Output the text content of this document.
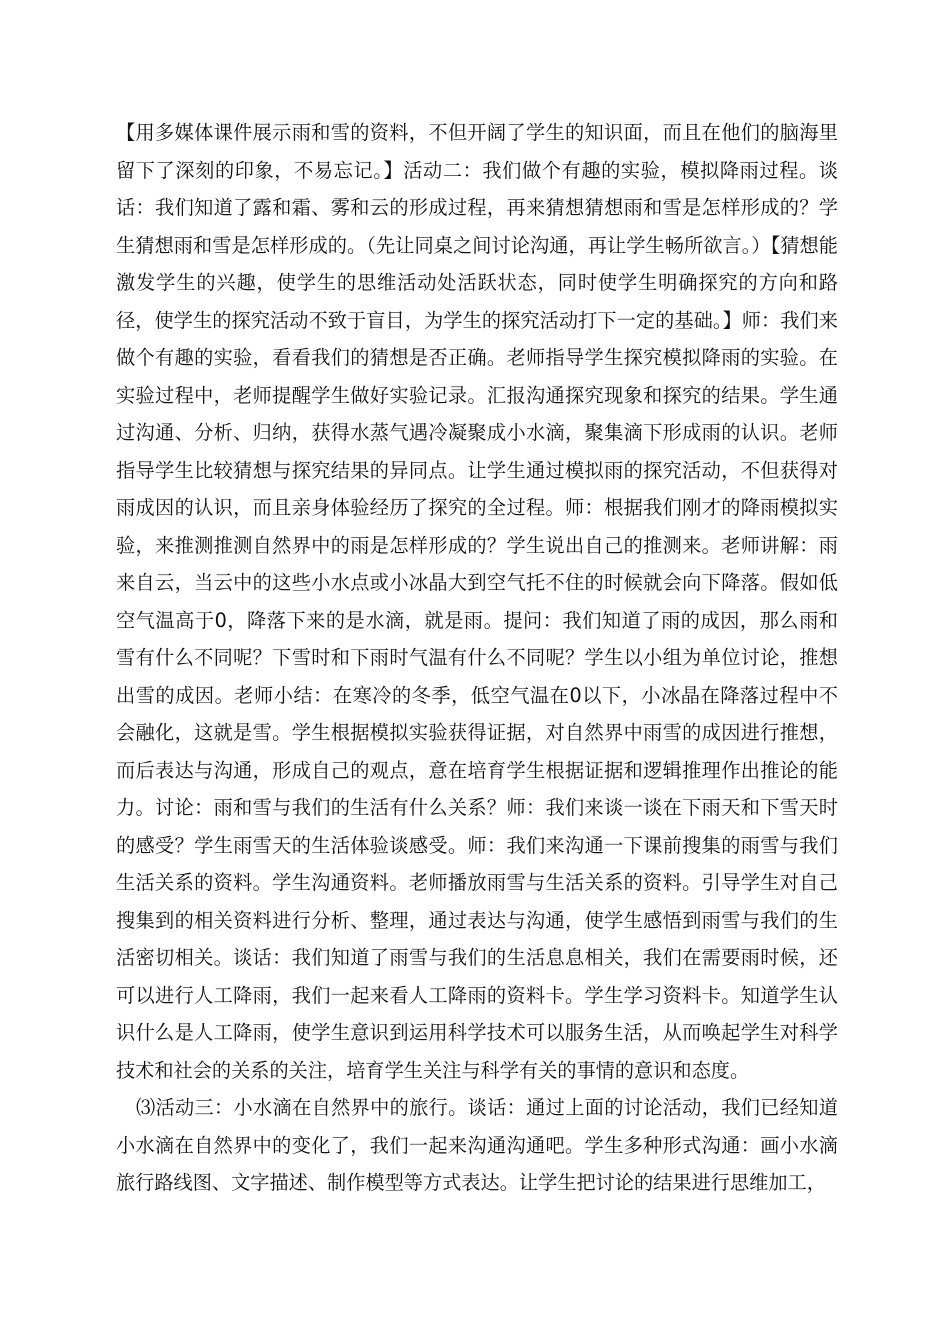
【用多媒体课件展示雨和雪的资料，不但开阔了学生的知识面，而且在他们的脑海里留下了深刻的印象，不易忘记。】活动二：我们做个有趣的实验，模拟降雨过程。谈话：我们知道了露和霜、雾和云的形成过程，再来猜想猜想雨和雪是怎样形成的？学生猜想雨和雪是怎样形成的。（先让同桌之间讨论沟通，再让学生畅所欲言。）【猜想能激发学生的兴趣，使学生的思维活动处活跃状态，同时使学生明确探究的方向和路径，使学生的探究活动不致于盲目，为学生的探究活动打下一定的基础。】师：我们来做个有趣的实验，看看我们的猜想是否正确。老师指导学生探究模拟降雨的实验。在实验过程中，老师提醒学生做好实验记录。汇报沟通探究现象和探究的结果。学生通过沟通、分析、归纳，获得水蒸气遇冷凝聚成小水滴，聚集滴下形成雨的认识。老师指导学生比较猜想与探究结果的异同点。让学生通过模拟雨的探究活动，不但获得对雨成因的认识，而且亲身体验经历了探究的全过程。师：根据我们刚才的降雨模拟实验，来推测推测自然界中的雨是怎样形成的？学生说出自己的推测来。老师讲解：雨来自云，当云中的这些小水点或小冰晶大到空气托不住的时候就会向下降落。假如低空气温高于0，降落下来的是水滴，就是雨。提问：我们知道了雨的成因，那么雨和雪有什么不同呢？下雪时和下雨时气温有什么不同呢？学生以小组为单位讨论，推想出雪的成因。老师小结：在寒冷的冬季，低空气温在0以下，小冰晶在降落过程中不会融化，这就是雪。学生根据模拟实验获得证据，对自然界中雨雪的成因进行推想，而后表达与沟通，形成自己的观点，意在培育学生根据证据和逻辑推理作出推论的能力。讨论：雨和雪与我们的生活有什么关系？师：我们来谈一谈在下雨天和下雪天时的感受？学生雨雪天的生活体验谈感受。师：我们来沟通一下课前搜集的雨雪与我们生活关系的资料。学生沟通资料。老师播放雨雪与生活关系的资料。引导学生对自己搜集到的相关资料进行分析、整理，通过表达与沟通，使学生感悟到雨雪与我们的生活密切相关。谈话：我们知道了雨雪与我们的生活息息相关，我们在需要雨时候，还可以进行人工降雨，我们一起来看人工降雨的资料卡。学生学习资料卡。知道学生认识什么是人工降雨，使学生意识到运用科学技术可以服务生活，从而唤起学生对科学技术和社会的关系的关注，培育学生关注与科学有关的事情的意识和态度。

⑶活动三：小水滴在自然界中的旅行。谈话：通过上面的讨论活动，我们已经知道小水滴在自然界中的变化了，我们一起来沟通沟通吧。学生多种形式沟通：画小水滴旅行路线图、文字描述、制作模型等方式表达。让学生把讨论的结果进行思维加工，
